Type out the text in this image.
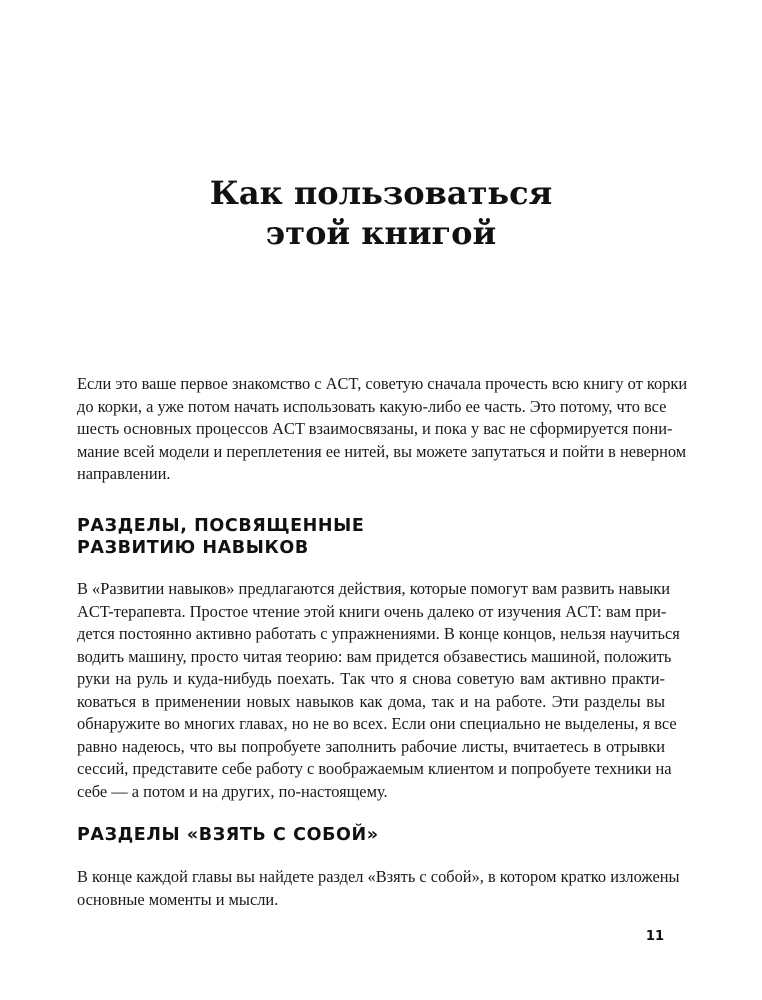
Как пользоваться
этой книгой

Если это ваше первое знакомство с ACT, советую сначала прочесть всю книгу от корки
до корки, а уже потом начать использовать какую-либо ее часть. Это потому, что все
шесть основных процессов ACT взаимосвязаны, и пока у вас не сформируется пони-
мание всей модели и переплетения ее нитей, вы можете запутаться и пойти в неверном
направлении.

РАЗДЕЛЫ, ПОСВЯЩЕННЫЕ
РАЗВИТИЮ НАВЫКОВ

В «Развитии навыков» предлагаются действия, которые помогут вам развить навыки
ACT-терапевта. Простое чтение этой книги очень далеко от изучения ACT: вам при-
дется постоянно активно работать с упражнениями. В конце концов, нельзя научиться
водить машину, просто читая теорию: вам придется обзавестись машиной, положить
руки на руль и куда-нибудь поехать. Так что я снова советую вам активно практи-
коваться в применении новых навыков как дома, так и на работе. Эти разделы вы
обнаружите во многих главах, но не во всех. Если они специально не выделены, я все
равно надеюсь, что вы попробуете заполнить рабочие листы, вчитаетесь в отрывки
сессий, представите себе работу с воображаемым клиентом и попробуете техники на
себе — а потом и на других, по-настоящему.

РАЗДЕЛЫ «ВЗЯТЬ С СОБОЙ»

В конце каждой главы вы найдете раздел «Взять с собой», в котором кратко изложены
основные моменты и мысли.

11
